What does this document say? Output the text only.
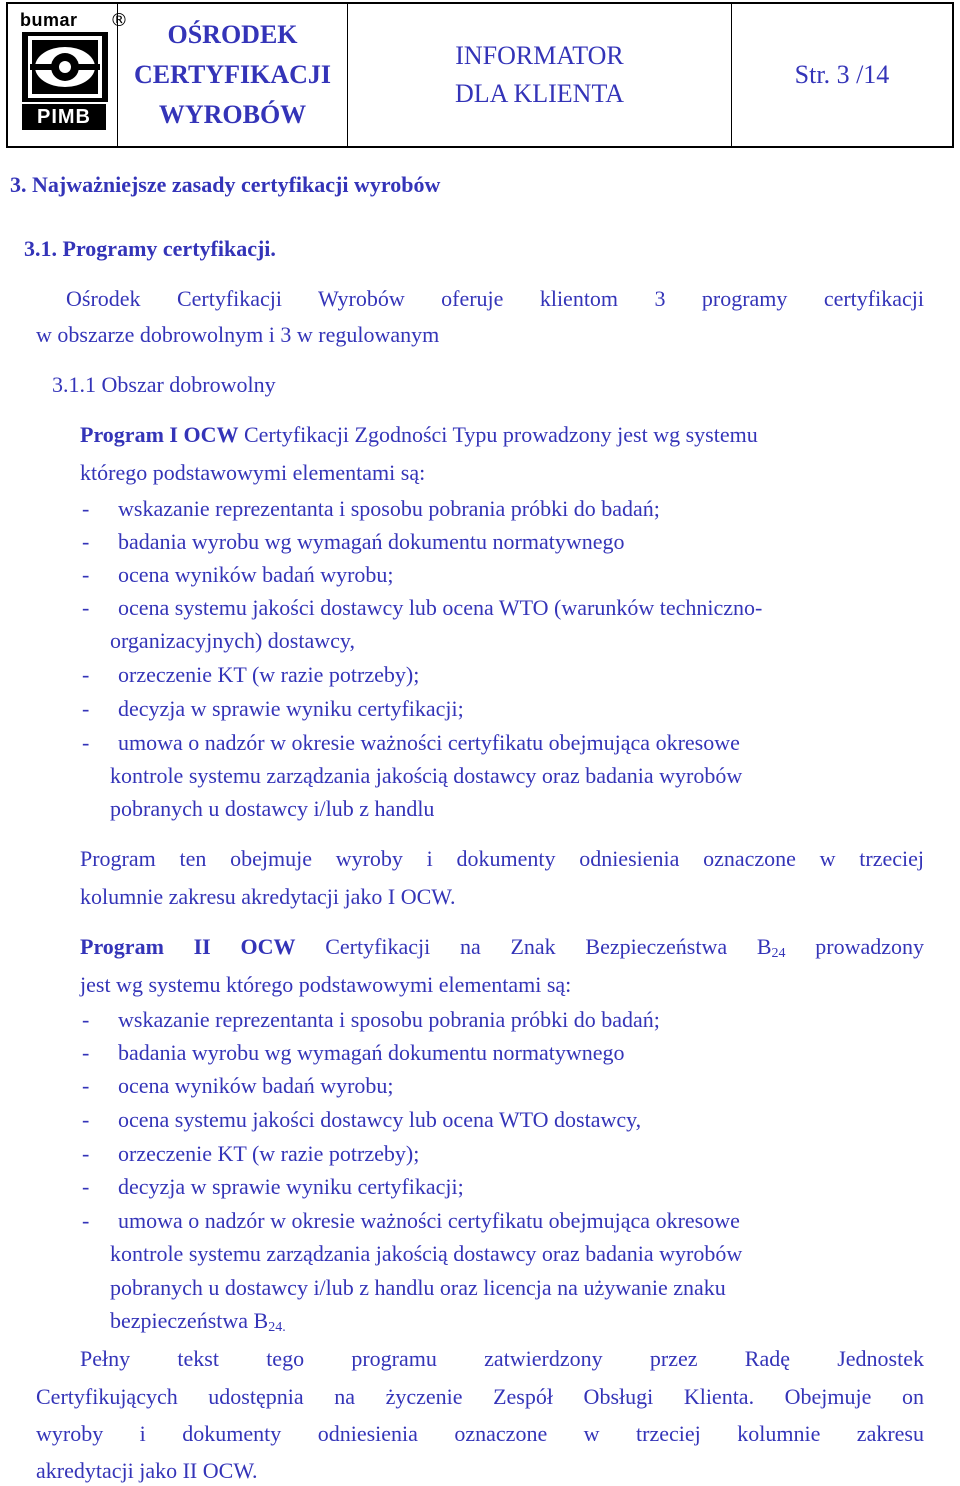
bumar ®
PIMB
OŚRODEK
CERTYFIKACJI
WYROBÓW
INFORMATOR
DLA KLIENTA
Str. 3 /14
3. Najważniejsze zasady certyfikacji wyrobów
3.1. Programy certyfikacji.
Ośrodek Certyfikacji Wyrobów oferuje klientom 3 programy certyfikacji
w obszarze dobrowolnym i 3 w regulowanym
3.1.1 Obszar dobrowolny
Program I OCW Certyfikacji Zgodności Typu prowadzony jest wg systemu
którego podstawowymi elementami są:
- wskazanie reprezentanta i sposobu pobrania próbki do badań;
- badania wyrobu wg wymagań dokumentu normatywnego
- ocena wyników badań wyrobu;
- ocena systemu jakości dostawcy lub ocena WTO (warunków techniczno-
organizacyjnych) dostawcy,
- orzeczenie KT (w razie potrzeby);
- decyzja w sprawie wyniku certyfikacji;
- umowa o nadzór w okresie ważności certyfikatu obejmująca okresowe
kontrole systemu zarządzania jakością dostawcy oraz badania wyrobów
pobranych u dostawcy i/lub z handlu
Program ten obejmuje wyroby i dokumenty odniesienia oznaczone w trzeciej
kolumnie zakresu akredytacji jako I OCW.
Program II OCW Certyfikacji na Znak Bezpieczeństwa $B_{24}$ prowadzony
jest wg systemu którego podstawowymi elementami są:
- wskazanie reprezentanta i sposobu pobrania próbki do badań;
- badania wyrobu wg wymagań dokumentu normatywnego
- ocena wyników badań wyrobu;
- ocena systemu jakości dostawcy lub ocena WTO dostawcy,
- orzeczenie KT (w razie potrzeby);
- decyzja w sprawie wyniku certyfikacji;
- umowa o nadzór w okresie ważności certyfikatu obejmująca okresowe
kontrole systemu zarządzania jakością dostawcy oraz badania wyrobów
pobranych u dostawcy i/lub z handlu oraz licencja na używanie znaku
bezpieczeństwa $B_{24.}$
Pełny tekst tego programu zatwierdzony przez Radę Jednostek
Certyfikujących udostępnia na życzenie Zespół Obsługi Klienta. Obejmuje on
wyroby i dokumenty odniesienia oznaczone w trzeciej kolumnie zakresu
akredytacji jako II OCW.
